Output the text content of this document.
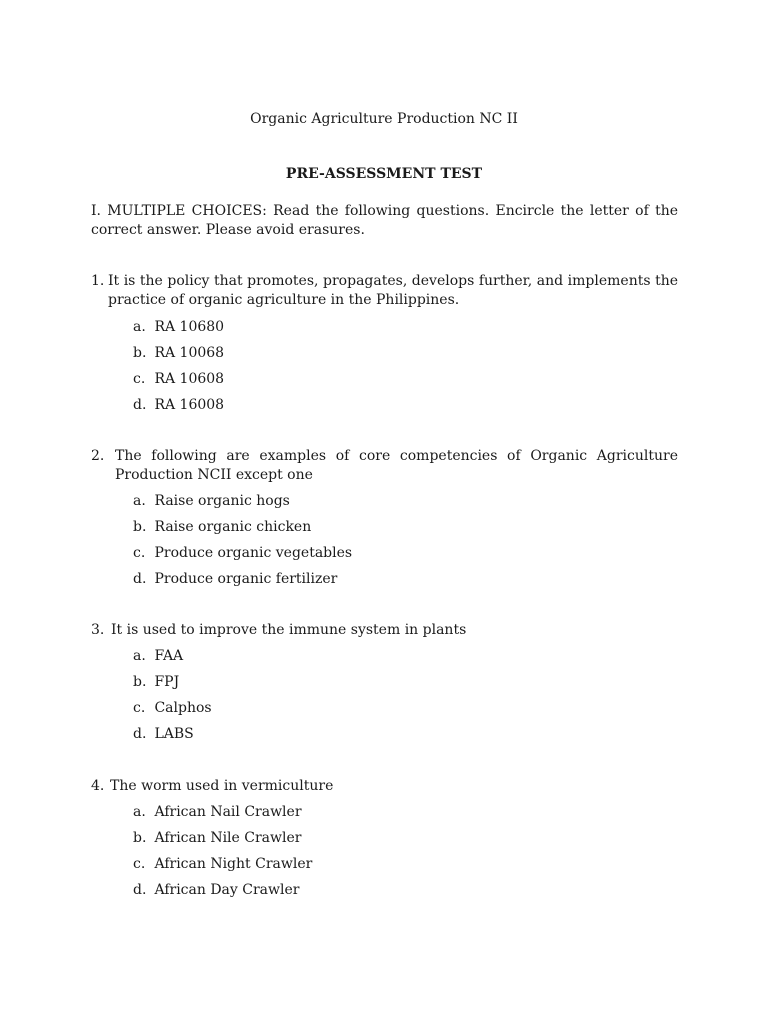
Organic Agriculture Production NC II
PRE-ASSESSMENT TEST
I. MULTIPLE CHOICES: Read the following questions. Encircle the letter of the correct answer. Please avoid erasures.
1. It is the policy that promotes, propagates, develops further, and implements the practice of organic agriculture in the Philippines.
a. RA 10680
b. RA 10068
c. RA 10608
d. RA 16008
2. The following are examples of core competencies of Organic Agriculture Production NCII except one
a. Raise organic hogs
b. Raise organic chicken
c. Produce organic vegetables
d. Produce organic fertilizer
3. It is used to improve the immune system in plants
a. FAA
b. FPJ
c. Calphos
d. LABS
4. The worm used in vermiculture
a. African Nail Crawler
b. African Nile Crawler
c. African Night Crawler
d. African Day Crawler
